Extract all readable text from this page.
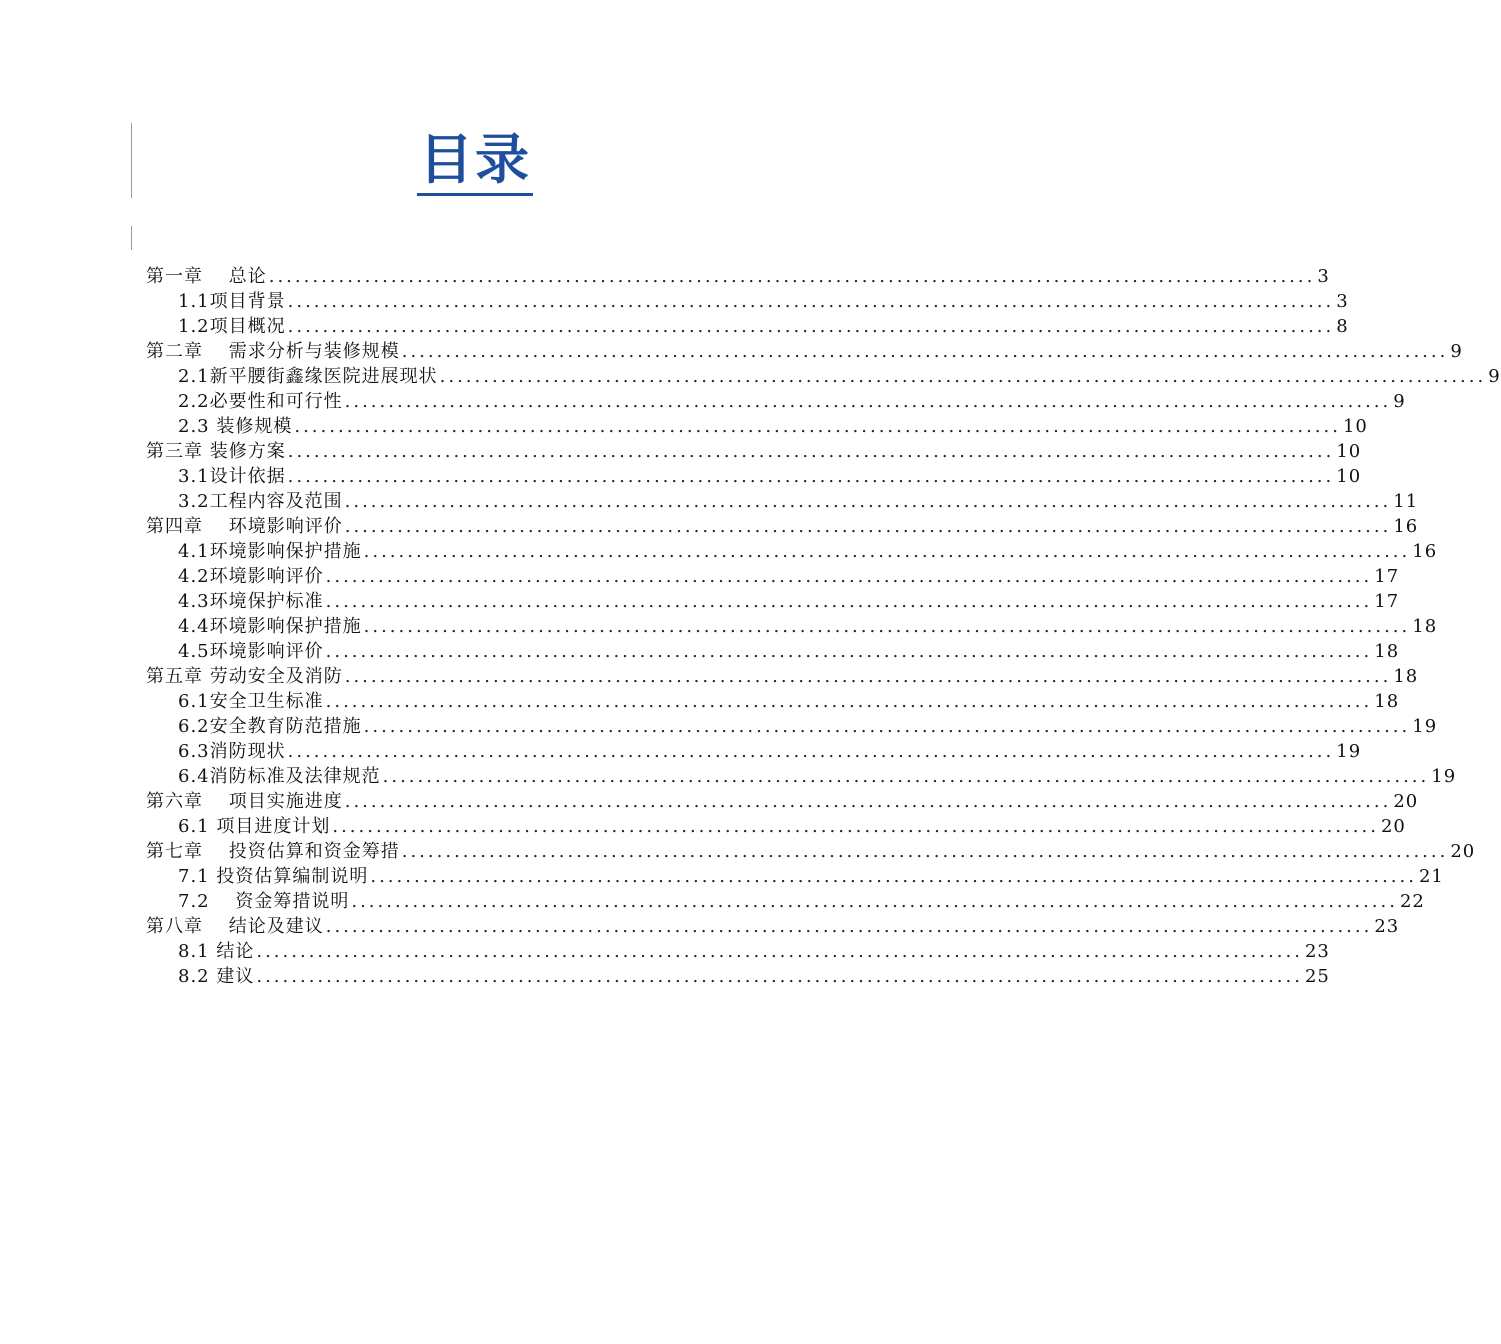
目录
第一章　 总论 ........................................................................................................................ 3
1.1项目背景 ........................................................................................................................ 3
1.2项目概况 ........................................................................................................................ 8
第二章　 需求分析与装修规模 ........................................................................................................................ 9
2.1新平腰街鑫缘医院进展现状 ........................................................................................................................ 9
2.2必要性和可行性 ........................................................................................................................ 9
2.3 装修规模 ........................................................................................................................ 10
第三章 装修方案 ........................................................................................................................ 10
3.1设计依据 ........................................................................................................................ 10
3.2工程内容及范围 ........................................................................................................................ 11
第四章　 环境影响评价 ........................................................................................................................ 16
4.1环境影响保护措施 ........................................................................................................................ 16
4.2环境影响评价 ........................................................................................................................ 17
4.3环境保护标准 ........................................................................................................................ 17
4.4环境影响保护措施 ........................................................................................................................ 18
4.5环境影响评价 ........................................................................................................................ 18
第五章 劳动安全及消防 ........................................................................................................................ 18
6.1安全卫生标准 ........................................................................................................................ 18
6.2安全教育防范措施 ........................................................................................................................ 19
6.3消防现状 ........................................................................................................................ 19
6.4消防标准及法律规范 ........................................................................................................................ 19
第六章　 项目实施进度 ........................................................................................................................ 20
6.1 项目进度计划 ........................................................................................................................ 20
第七章　 投资估算和资金筹措 ........................................................................................................................ 20
7.1 投资估算编制说明 ........................................................................................................................ 21
7.2　 资金筹措说明 ........................................................................................................................ 22
第八章　 结论及建议 ........................................................................................................................ 23
8.1 结论 ........................................................................................................................ 23
8.2 建议 ........................................................................................................................ 25
